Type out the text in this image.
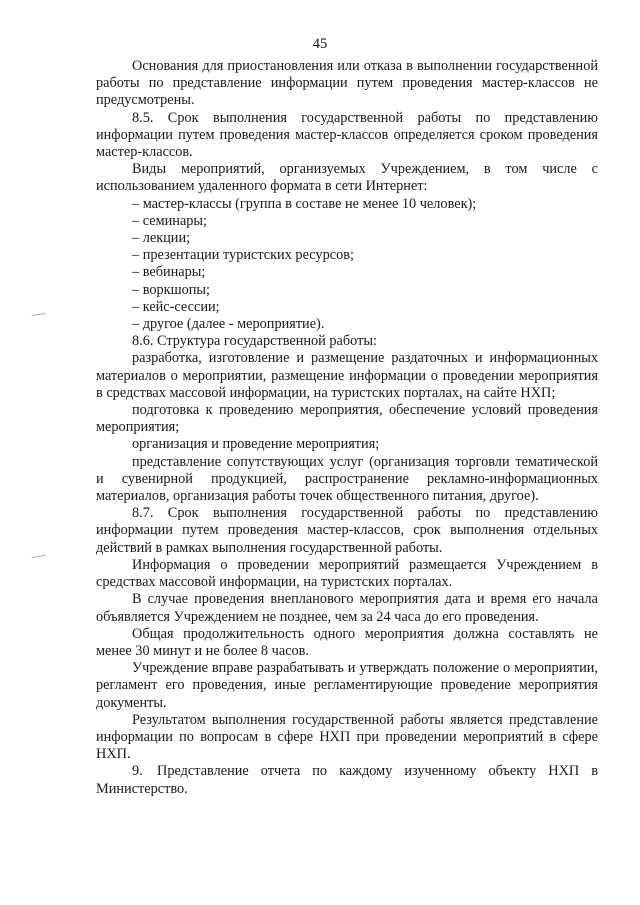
45

Основания для приостановления или отказа в выполнении государственной работы по представление информации путем проведения мастер-классов не предусмотрены.

8.5. Срок выполнения государственной работы по представлению информации путем проведения мастер-классов определяется сроком проведения мастер-классов.

Виды мероприятий, организуемых Учреждением, в том числе с использованием удаленного формата в сети Интернет:

– мастер-классы (группа в составе не менее 10 человек);

– семинары;

– лекции;

– презентации туристских ресурсов;

– вебинары;

– воркшопы;

– кейс-сессии;

– другое (далее - мероприятие).

8.6. Структура государственной работы:

разработка, изготовление и размещение раздаточных и информационных материалов о мероприятии, размещение информации о проведении мероприятия в средствах массовой информации, на туристских порталах, на сайте НХП;

подготовка к проведению мероприятия, обеспечение условий проведения мероприятия;

организация и проведение мероприятия;

представление сопутствующих услуг (организация торговли тематической и сувенирной продукцией, распространение рекламно-информационных материалов, организация работы точек общественного питания, другое).

8.7. Срок выполнения государственной работы по представлению информации путем проведения мастер-классов, срок выполнения отдельных действий в рамках выполнения государственной работы.

Информация о проведении мероприятий размещается Учреждением в средствах массовой информации, на туристских порталах.

В случае проведения внепланового мероприятия дата и время его начала объявляется Учреждением не позднее, чем за 24 часа до его проведения.

Общая продолжительность одного мероприятия должна составлять не менее 30 минут и не более 8 часов.

Учреждение вправе разрабатывать и утверждать положение о мероприятии, регламент его проведения, иные регламентирующие проведение мероприятия документы.

Результатом выполнения государственной работы является представление информации по вопросам в сфере НХП при проведении мероприятий в сфере НХП.

9. Представление отчета по каждому изученному объекту НХП в Министерство.
